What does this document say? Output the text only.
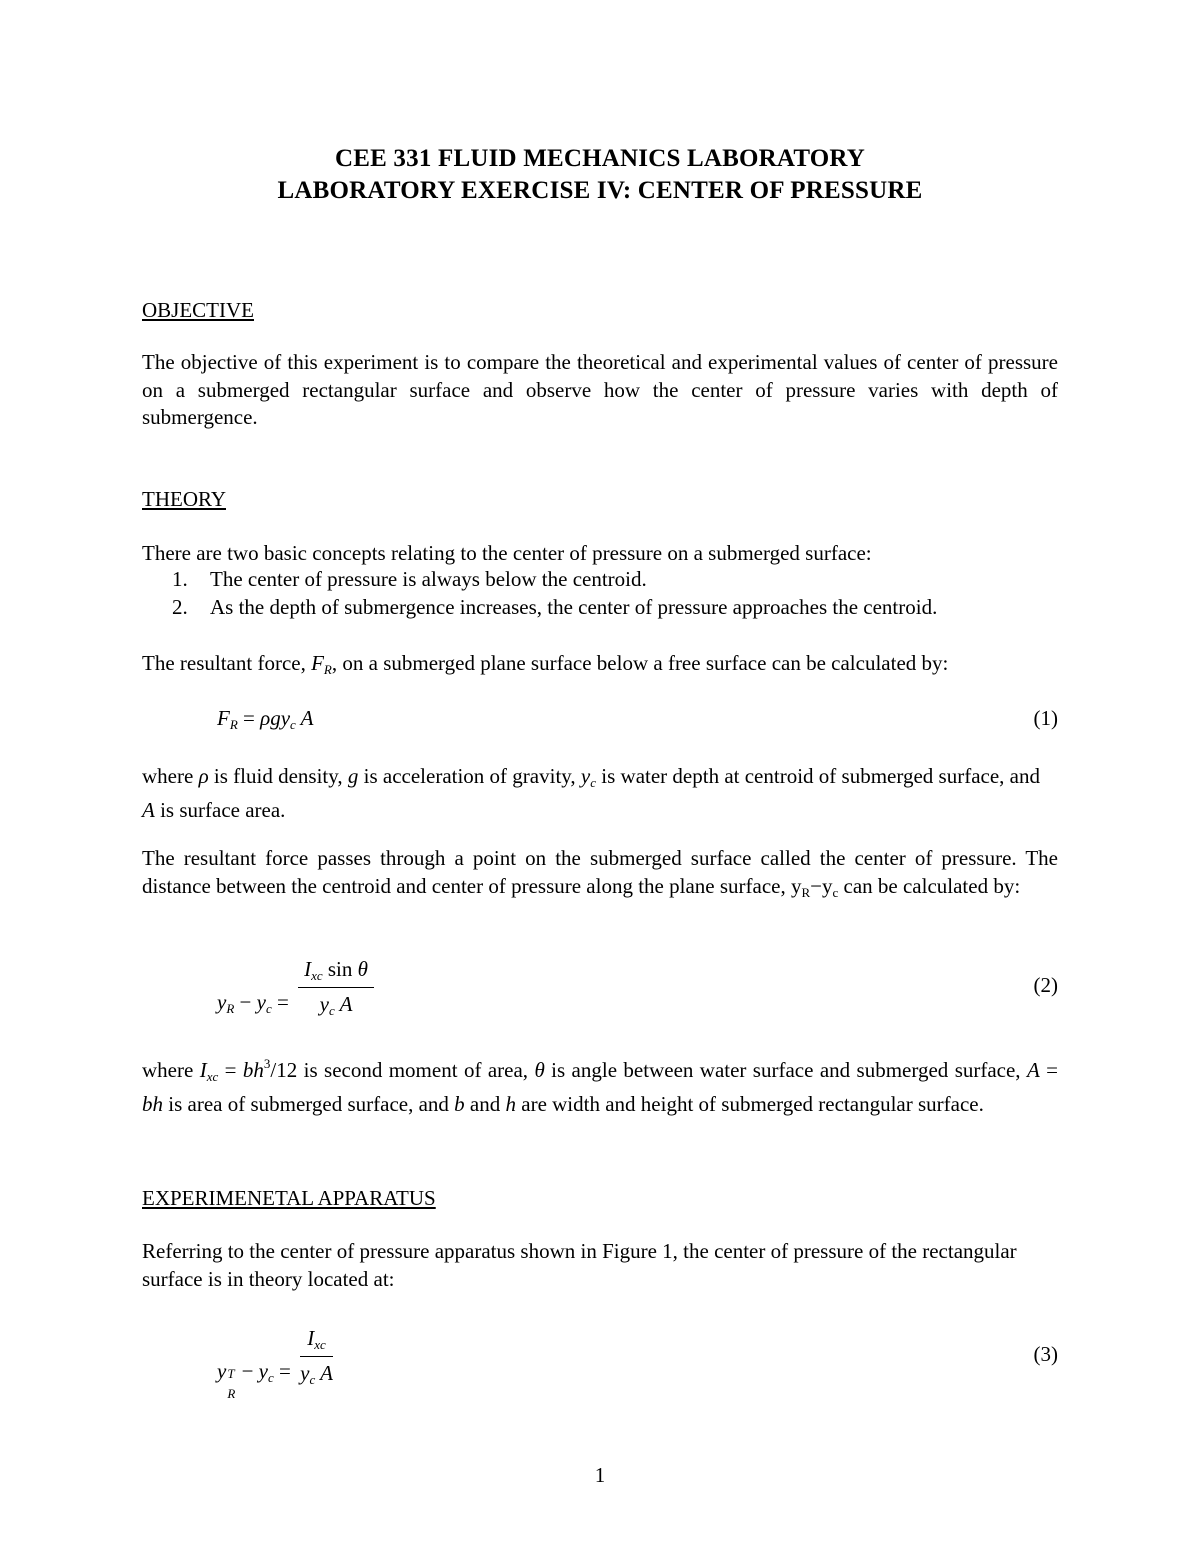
CEE 331 FLUID MECHANICS LABORATORY
LABORATORY EXERCISE IV: CENTER OF PRESSURE
OBJECTIVE
The objective of this experiment is to compare the theoretical and experimental values of center of pressure on a submerged rectangular surface and observe how the center of pressure varies with depth of submergence.
THEORY
There are two basic concepts relating to the center of pressure on a submerged surface:
1. The center of pressure is always below the centroid.
2. As the depth of submergence increases, the center of pressure approaches the centroid.
The resultant force, $F_R$, on a submerged plane surface below a free surface can be calculated by:
$F_R = \rho gy_c$ A	(1)
where ρ is fluid density, g is acceleration of gravity, $y_c$ is water depth at centroid of submerged surface, and A is surface area.
The resultant force passes through a point on the submerged surface called the center of pressure. The distance between the centroid and center of pressure along the plane surface, $y_R-y_c$ can be calculated by:
$y_R - y_c = \frac{I_{xc} \sin \theta}{y_c A}$	(2)
where $I_{xc} = bh^3/12$ is second moment of area, θ is angle between water surface and submerged surface, A = bh is area of submerged surface, and b and h are width and height of submerged rectangular surface.
EXPERIMENETAL APPARATUS
Referring to the center of pressure apparatus shown in Figure 1, the center of pressure of the rectangular surface is in theory located at:
y T
R
− $y_c = \frac{I_{xc}}{y_c A}$	(3)
1
